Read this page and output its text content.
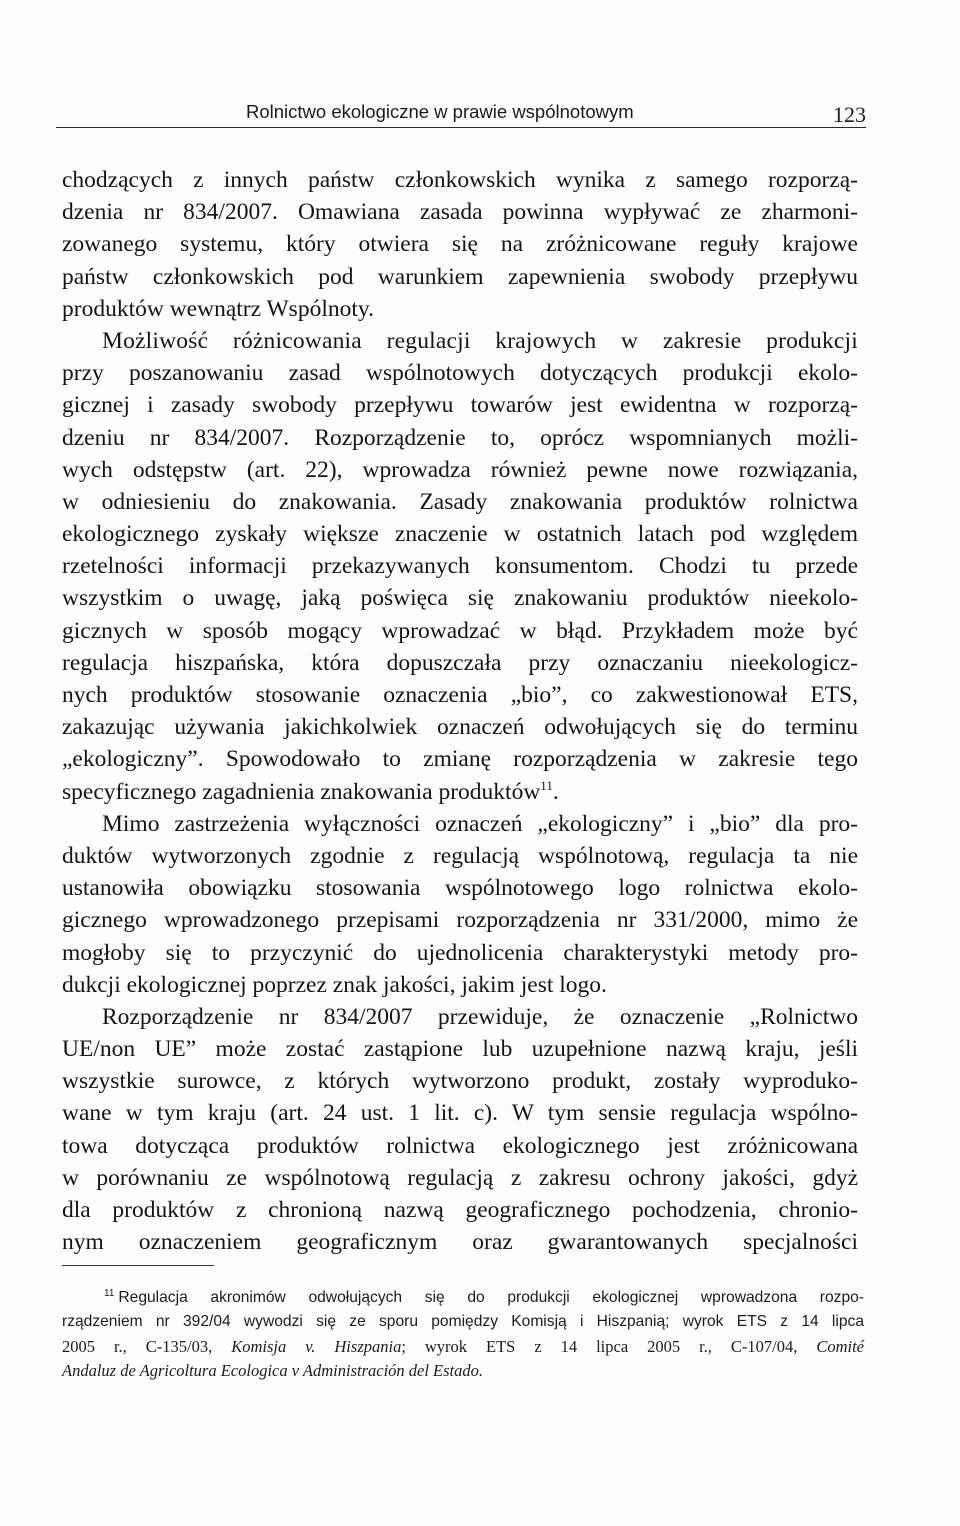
Rolnictwo ekologiczne w prawie wspólnotowym	123
chodzących z innych państw członkowskich wynika z samego rozporzą-
dzenia nr 834/2007. Omawiana zasada powinna wypływać ze zharmoni-
zowanego systemu, który otwiera się na zróżnicowane reguły krajowe
państw członkowskich pod warunkiem zapewnienia swobody przepływu
produktów wewnątrz Wspólnoty.
Możliwość różnicowania regulacji krajowych w zakresie produkcji
przy poszanowaniu zasad wspólnotowych dotyczących produkcji ekolo-
gicznej i zasady swobody przepływu towarów jest ewidentna w rozporzą-
dzeniu nr 834/2007. Rozporządzenie to, oprócz wspomnianych możli-
wych odstępstw (art. 22), wprowadza również pewne nowe rozwiązania,
w odniesieniu do znakowania. Zasady znakowania produktów rolnictwa
ekologicznego zyskały większe znaczenie w ostatnich latach pod względem
rzetelności informacji przekazywanych konsumentom. Chodzi tu przede
wszystkim o uwagę, jaką poświęca się znakowaniu produktów nieekolo-
gicznych w sposób mogący wprowadzać w błąd. Przykładem może być
regulacja hiszpańska, która dopuszczała przy oznaczaniu nieekologicz-
nych produktów stosowanie oznaczenia „bio”, co zakwestionował ETS,
zakazując używania jakichkolwiek oznaczeń odwołujących się do terminu
„ekologiczny”. Spowodowało to zmianę rozporządzenia w zakresie tego
specyficznego zagadnienia znakowania produktów$^{11}$.
Mimo zastrzeżenia wyłączności oznaczeń „ekologiczny” i „bio” dla pro-
duktów wytworzonych zgodnie z regulacją wspólnotową, regulacja ta nie
ustanowiła obowiązku stosowania wspólnotowego logo rolnictwa ekolo-
gicznego wprowadzonego przepisami rozporządzenia nr 331/2000, mimo że
mogłoby się to przyczynić do ujednolicenia charakterystyki metody pro-
dukcji ekologicznej poprzez znak jakości, jakim jest logo.
Rozporządzenie nr 834/2007 przewiduje, że oznaczenie „Rolnictwo
UE/non UE” może zostać zastąpione lub uzupełnione nazwą kraju, jeśli
wszystkie surowce, z których wytworzono produkt, zostały wyproduko-
wane w tym kraju (art. 24 ust. 1 lit. c). W tym sensie regulacja wspólno-
towa dotycząca produktów rolnictwa ekologicznego jest zróżnicowana
w porównaniu ze wspólnotową regulacją z zakresu ochrony jakości, gdyż
dla produktów z chronioną nazwą geograficznego pochodzenia, chronio-
nym oznaczeniem geograficznym oraz gwarantowanych specjalności
$^{11}$ Regulacja akronimów odwołujących się do produkcji ekologicznej wprowadzona rozpo-
rządzeniem nr 392/04 wywodzi się ze sporu pomiędzy Komisją i Hiszpanią; wyrok ETS z 14 lipca
2005 r., C-135/03, Komisja v. Hiszpania; wyrok ETS z 14 lipca 2005 r., C-107/04, Comité
Andaluz de Agricoltura Ecologica v Administración del Estado.
